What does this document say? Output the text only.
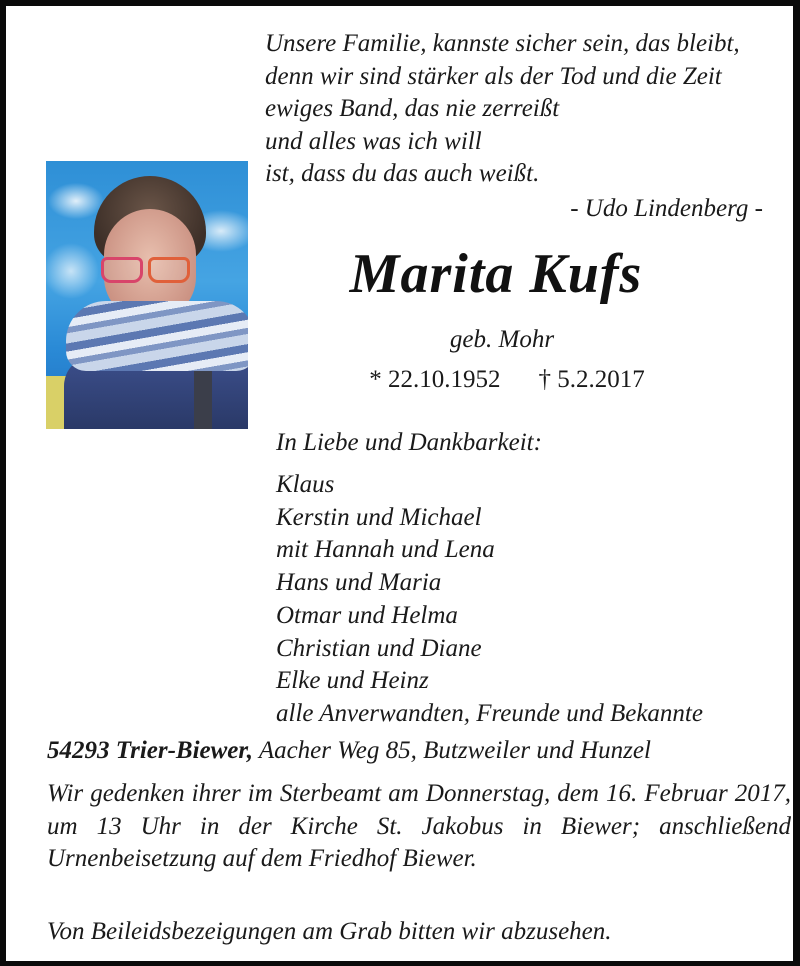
Unsere Familie, kannste sicher sein, das bleibt,
denn wir sind stärker als der Tod und die Zeit
ewiges Band, das nie zerreißt
und alles was ich will
ist, dass du das auch weißt.
- Udo Lindenberg -
Marita Kufs
geb. Mohr
* 22.10.1952 † 5.2.2017
In Liebe und Dankbarkeit:
Klaus
Kerstin und Michael
mit Hannah und Lena
Hans und Maria
Otmar und Helma
Christian und Diane
Elke und Heinz
alle Anverwandten, Freunde und Bekannte
54293 Trier-Biewer, Aacher Weg 85, Butzweiler und Hunzel
Wir gedenken ihrer im Sterbeamt am Donnerstag, dem 16. Februar 2017, um 13 Uhr in der Kirche St. Jakobus in Biewer; anschließend Urnenbeisetzung auf dem Friedhof Biewer.
Von Beileidsbezeigungen am Grab bitten wir abzusehen.
